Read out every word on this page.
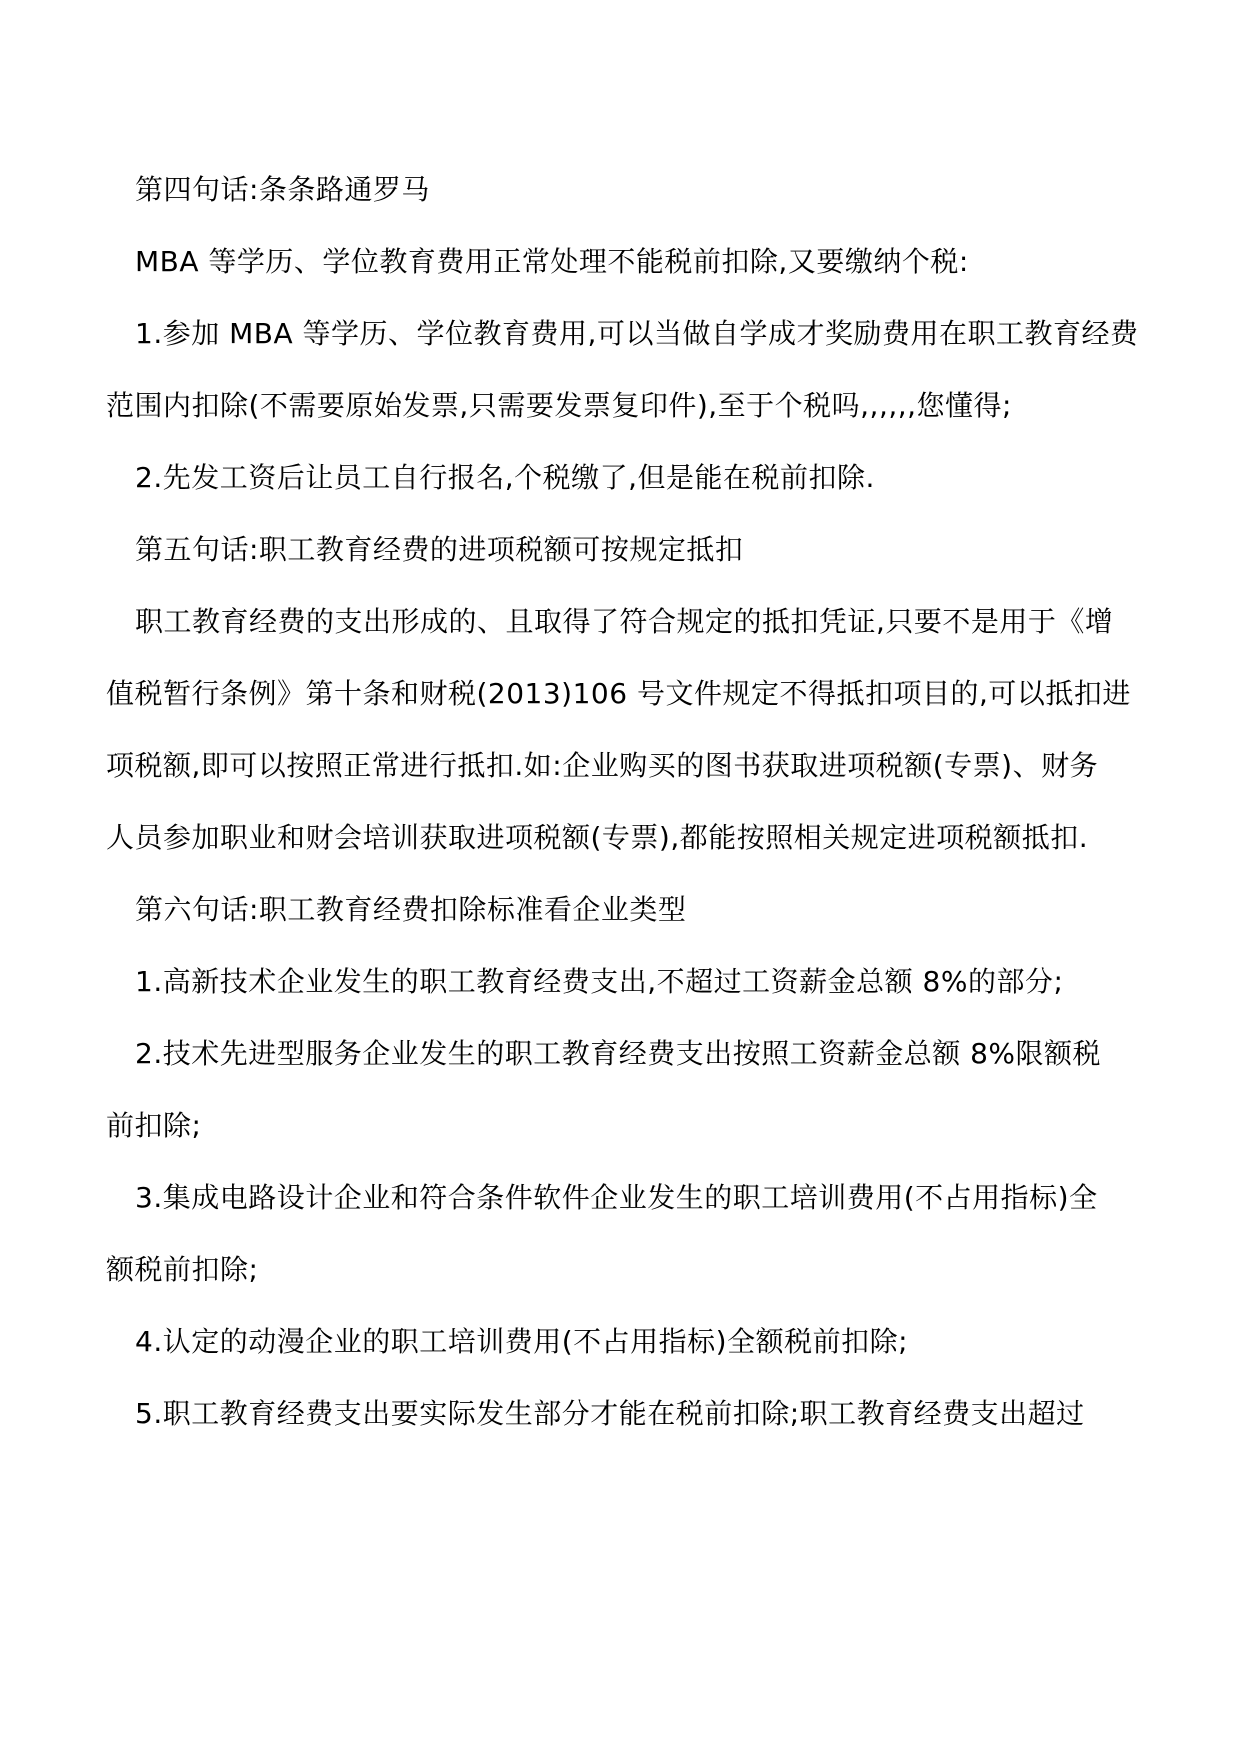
第四句话:条条路通罗马
MBA 等学历、学位教育费用正常处理不能税前扣除,又要缴纳个税:
1.参加 MBA 等学历、学位教育费用,可以当做自学成才奖励费用在职工教育经费
范围内扣除(不需要原始发票,只需要发票复印件),至于个税吗,,,,,,您懂得;
2.先发工资后让员工自行报名,个税缴了,但是能在税前扣除.
第五句话:职工教育经费的进项税额可按规定抵扣
职工教育经费的支出形成的、且取得了符合规定的抵扣凭证,只要不是用于《增
值税暂行条例》第十条和财税(2013)106 号文件规定不得抵扣项目的,可以抵扣进
项税额,即可以按照正常进行抵扣.如:企业购买的图书获取进项税额(专票)、财务
人员参加职业和财会培训获取进项税额(专票),都能按照相关规定进项税额抵扣.
第六句话:职工教育经费扣除标准看企业类型
1.高新技术企业发生的职工教育经费支出,不超过工资薪金总额 8%的部分;
2.技术先进型服务企业发生的职工教育经费支出按照工资薪金总额 8%限额税
前扣除;
3.集成电路设计企业和符合条件软件企业发生的职工培训费用(不占用指标)全
额税前扣除;
4.认定的动漫企业的职工培训费用(不占用指标)全额税前扣除;
5.职工教育经费支出要实际发生部分才能在税前扣除;职工教育经费支出超过
